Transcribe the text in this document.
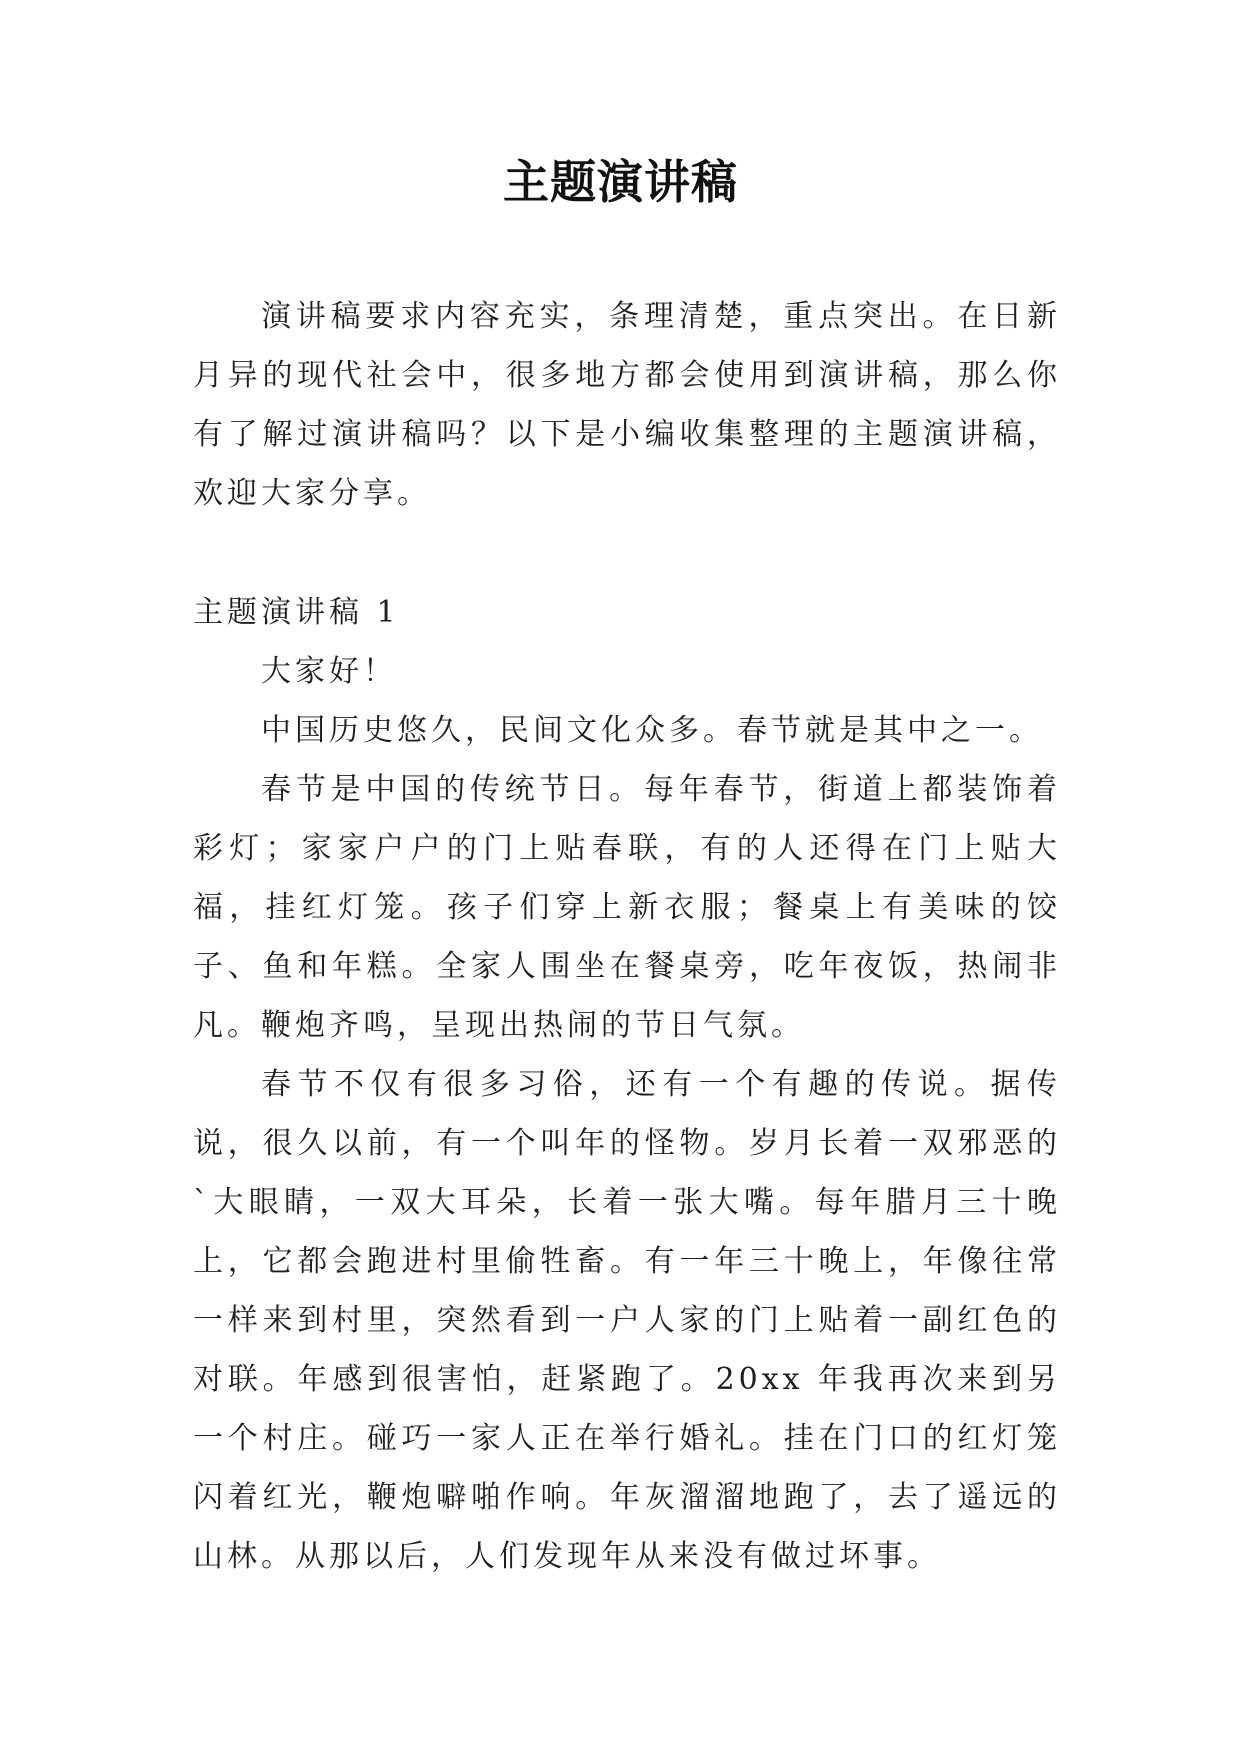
主题演讲稿

演讲稿要求内容充实，条理清楚，重点突出。在日新月异的现代社会中，很多地方都会使用到演讲稿，那么你有了解过演讲稿吗？以下是小编收集整理的主题演讲稿，欢迎大家分享。

主题演讲稿 1

大家好！

中国历史悠久，民间文化众多。春节就是其中之一。

春节是中国的传统节日。每年春节，街道上都装饰着彩灯；家家户户的门上贴春联，有的人还得在门上贴大福，挂红灯笼。孩子们穿上新衣服；餐桌上有美味的饺子、鱼和年糕。全家人围坐在餐桌旁，吃年夜饭，热闹非凡。鞭炮齐鸣，呈现出热闹的节日气氛。

春节不仅有很多习俗，还有一个有趣的传说。据传说，很久以前，有一个叫年的怪物。岁月长着一双邪恶的`大眼睛，一双大耳朵，长着一张大嘴。每年腊月三十晚上，它都会跑进村里偷牲畜。有一年三十晚上，年像往常一样来到村里，突然看到一户人家的门上贴着一副红色的对联。年感到很害怕，赶紧跑了。20xx 年我再次来到另一个村庄。碰巧一家人正在举行婚礼。挂在门口的红灯笼闪着红光，鞭炮噼啪作响。年灰溜溜地跑了，去了遥远的山林。从那以后，人们发现年从来没有做过坏事。
